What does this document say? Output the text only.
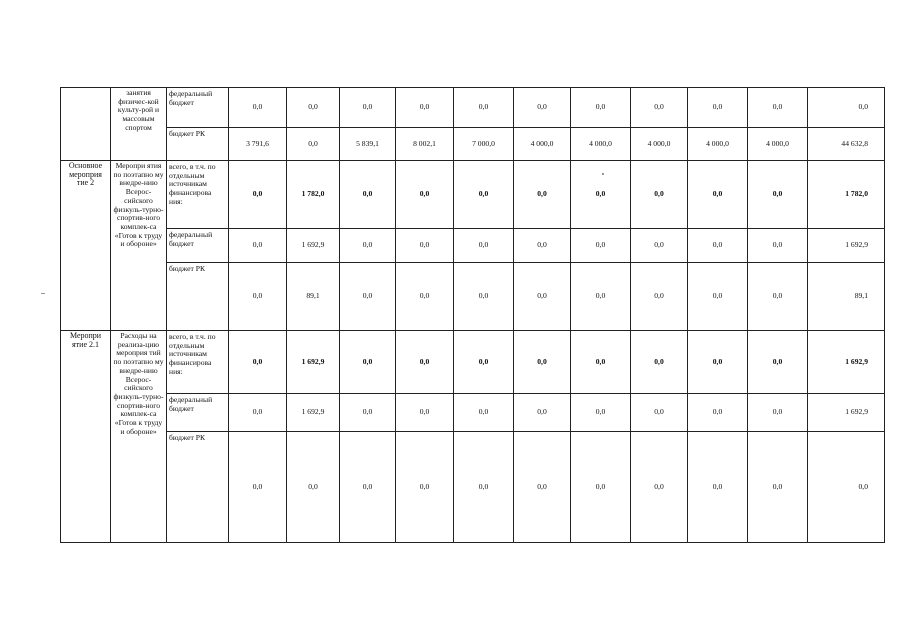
	занятия физичес-кой культу-рой и массовым спортом	федеральный бюджет	0,0	0,0	0,0	0,0	0,0	0,0	0,0	0,0	0,0	0,0	0,0
		бюджет РК	3 791,6	0,0	5 839,1	8 002,1	7 000,0	4 000,0	4 000,0	4 000,0	4 000,0	4 000,0	44 632,8
Основное мероприя тие 2	Меропри ятия по поэтапно му внедре-нию Всерос-сийского физкуль-турно-спортив-ного комплек-са «Готов к труду и обороне»	всего, в т.ч. по отдельным источникам финансирова ния:	0,0	1 782,0	0,0	0,0	0,0	0,0	0,0	0,0	0,0	0,0	1 782,0
		федеральный бюджет	0,0	1 692,9	0,0	0,0	0,0	0,0	0,0	0,0	0,0	0,0	1 692,9
		бюджет РК	0,0	89,1	0,0	0,0	0,0	0,0	0,0	0,0	0,0	0,0	89,1
Меропри ятие 2.1	Расходы на реализа-цию мероприя тий по поэтапно му внедре-нию Всерос-сийского физкуль-турно-спортив-ного комплек-са «Готов к труду и обороне»	всего, в т.ч. по отдельным источникам финансирова ния:	0,0	1 692,9	0,0	0,0	0,0	0,0	0,0	0,0	0,0	0,0	1 692,9
		федеральный бюджет	0,0	1 692,9	0,0	0,0	0,0	0,0	0,0	0,0	0,0	0,0	1 692,9
		бюджет РК	0,0	0,0	0,0	0,0	0,0	0,0	0,0	0,0	0,0	0,0	0,0
